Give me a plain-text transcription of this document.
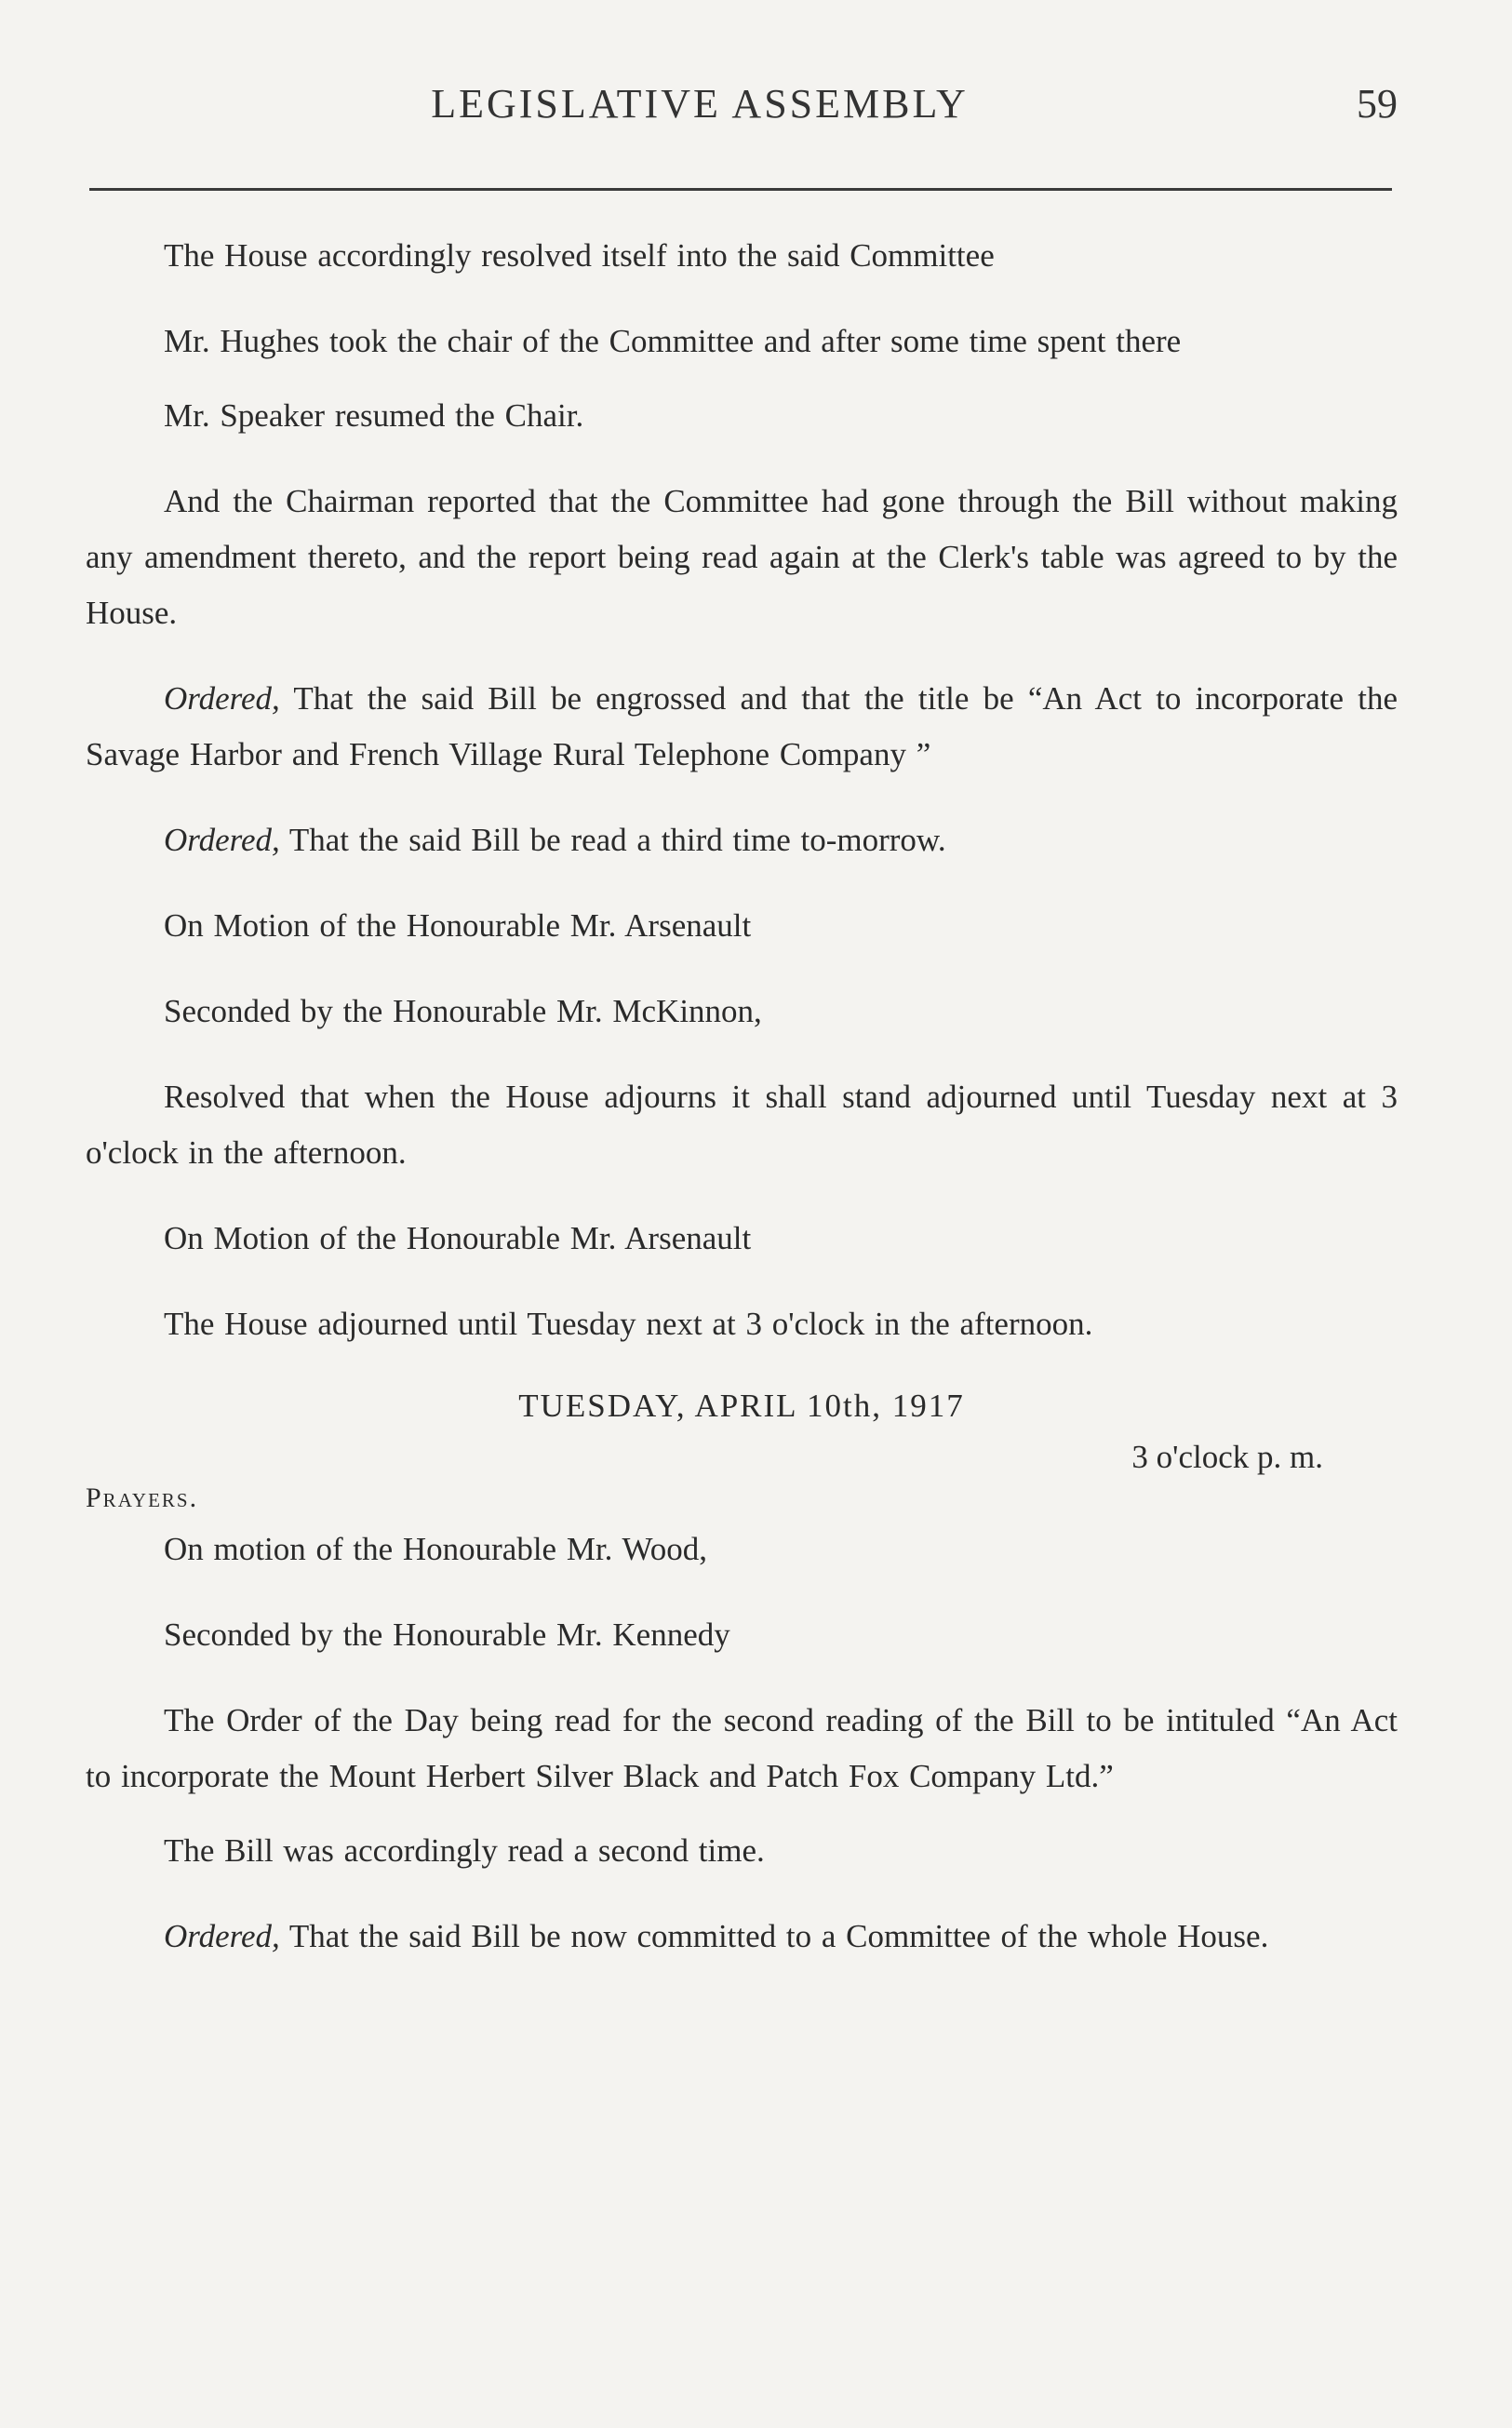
LEGISLATIVE ASSEMBLY	59

The House accordingly resolved itself into the said Committee

Mr. Hughes took the chair of the Committee and after some time spent there

Mr. Speaker resumed the Chair.

And the Chairman reported that the Committee had gone through the Bill without making any amendment thereto, and the report being read again at the Clerk's table was agreed to by the House.

Ordered, That the said Bill be engrossed and that the title be “An Act to incorporate the Savage Harbor and French Village Rural Telephone Company ”

Ordered, That the said Bill be read a third time to-morrow.

On Motion of the Honourable Mr. Arsenault

Seconded by the Honourable Mr. McKinnon,

Resolved that when the House adjourns it shall stand adjourned until Tuesday next at 3 o'clock in the afternoon.

On Motion of the Honourable Mr. Arsenault

The House adjourned until Tuesday next at 3 o'clock in the afternoon.

TUESDAY, APRIL 10th, 1917
3 o'clock p. m.
Prayers.

On motion of the Honourable Mr. Wood,

Seconded by the Honourable Mr. Kennedy

The Order of the Day being read for the second reading of the Bill to be intituled “An Act to incorporate the Mount Herbert Silver Black and Patch Fox Company Ltd.”

The Bill was accordingly read a second time.

Ordered, That the said Bill be now committed to a Committee of the whole House.
